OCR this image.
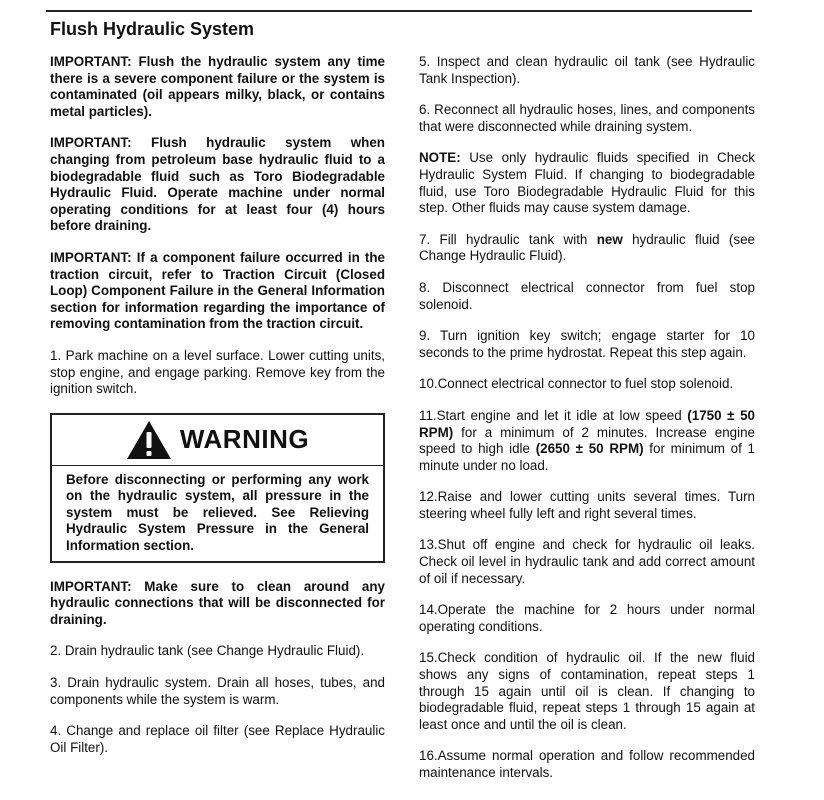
Flush Hydraulic System

IMPORTANT: Flush the hydraulic system any time there is a severe component failure or the system is contaminated (oil appears milky, black, or contains metal particles).

IMPORTANT: Flush hydraulic system when changing from petroleum base hydraulic fluid to a biodegradable fluid such as Toro Biodegradable Hydraulic Fluid. Operate machine under normal operating conditions for at least four (4) hours before draining.

IMPORTANT: If a component failure occurred in the traction circuit, refer to Traction Circuit (Closed Loop) Component Failure in the General Information section for information regarding the importance of removing contamination from the traction circuit.

1. Park machine on a level surface. Lower cutting units, stop engine, and engage parking. Remove key from the ignition switch.

WARNING
Before disconnecting or performing any work on the hydraulic system, all pressure in the system must be relieved. See Relieving Hydraulic System Pressure in the General Information section.

IMPORTANT: Make sure to clean around any hydraulic connections that will be disconnected for draining.

2. Drain hydraulic tank (see Change Hydraulic Fluid).

3. Drain hydraulic system. Drain all hoses, tubes, and components while the system is warm.

4. Change and replace oil filter (see Replace Hydraulic Oil Filter).

5. Inspect and clean hydraulic oil tank (see Hydraulic Tank Inspection).

6. Reconnect all hydraulic hoses, lines, and components that were disconnected while draining system.

NOTE: Use only hydraulic fluids specified in Check Hydraulic System Fluid. If changing to biodegradable fluid, use Toro Biodegradable Hydraulic Fluid for this step. Other fluids may cause system damage.

7. Fill hydraulic tank with new hydraulic fluid (see Change Hydraulic Fluid).

8. Disconnect electrical connector from fuel stop solenoid.

9. Turn ignition key switch; engage starter for 10 seconds to the prime hydrostat. Repeat this step again.

10.Connect electrical connector to fuel stop solenoid.

11.Start engine and let it idle at low speed (1750 ± 50 RPM) for a minimum of 2 minutes. Increase engine speed to high idle (2650 ± 50 RPM) for minimum of 1 minute under no load.

12.Raise and lower cutting units several times. Turn steering wheel fully left and right several times.

13.Shut off engine and check for hydraulic oil leaks. Check oil level in hydraulic tank and add correct amount of oil if necessary.

14.Operate the machine for 2 hours under normal operating conditions.

15.Check condition of hydraulic oil. If the new fluid shows any signs of contamination, repeat steps 1 through 15 again until oil is clean. If changing to biodegradable fluid, repeat steps 1 through 15 again at least once and until the oil is clean.

16.Assume normal operation and follow recommended maintenance intervals.
